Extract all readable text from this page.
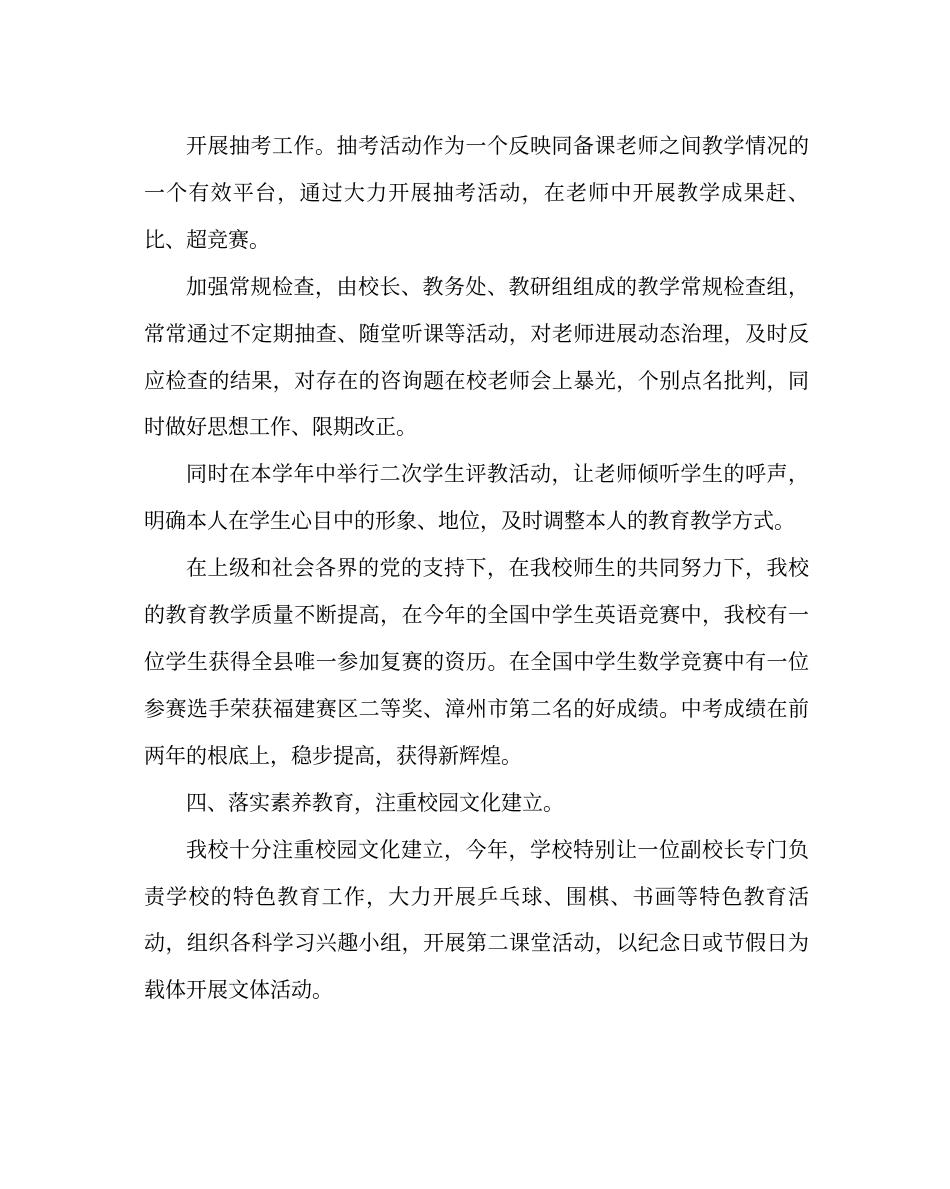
开展抽考工作。抽考活动作为一个反映同备课老师之间教学情况的一个有效平台，通过大力开展抽考活动，在老师中开展教学成果赶、比、超竞赛。

加强常规检查，由校长、教务处、教研组组成的教学常规检查组，常常通过不定期抽查、随堂听课等活动，对老师进展动态治理，及时反应检查的结果，对存在的咨询题在校老师会上暴光，个别点名批判，同时做好思想工作、限期改正。

同时在本学年中举行二次学生评教活动，让老师倾听学生的呼声，明确本人在学生心目中的形象、地位，及时调整本人的教育教学方式。

在上级和社会各界的党的支持下，在我校师生的共同努力下，我校的教育教学质量不断提高，在今年的全国中学生英语竞赛中，我校有一位学生获得全县唯一参加复赛的资历。在全国中学生数学竞赛中有一位参赛选手荣获福建赛区二等奖、漳州市第二名的好成绩。中考成绩在前两年的根底上，稳步提高，获得新辉煌。

四、落实素养教育，注重校园文化建立。

我校十分注重校园文化建立，今年，学校特别让一位副校长专门负责学校的特色教育工作，大力开展乒乓球、围棋、书画等特色教育活动，组织各科学习兴趣小组，开展第二课堂活动，以纪念日或节假日为载体开展文体活动。
